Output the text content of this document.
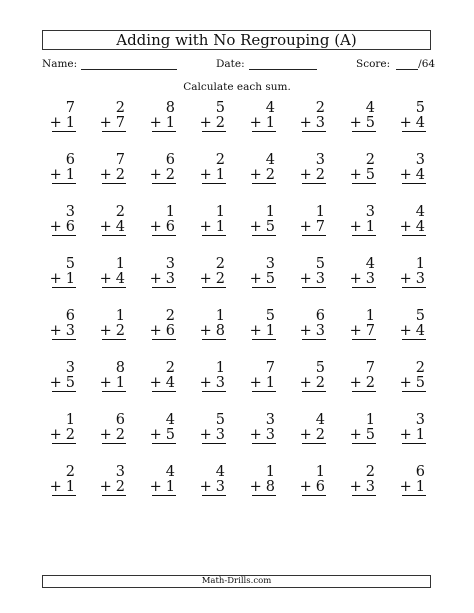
Adding with No Regrouping (A)
Name:	Date:	Score:	/64
Calculate each sum.
7
+ 1
2
+ 7
8
+ 1
5
+ 2
4
+ 1
2
+ 3
4
+ 5
5
+ 4
6
+ 1
7
+ 2
6
+ 2
2
+ 1
4
+ 2
3
+ 2
2
+ 5
3
+ 4
3
+ 6
2
+ 4
1
+ 6
1
+ 1
1
+ 5
1
+ 7
3
+ 1
4
+ 4
5
+ 1
1
+ 4
3
+ 3
2
+ 2
3
+ 5
5
+ 3
4
+ 3
1
+ 3
6
+ 3
1
+ 2
2
+ 6
1
+ 8
5
+ 1
6
+ 3
1
+ 7
5
+ 4
3
+ 5
8
+ 1
2
+ 4
1
+ 3
7
+ 1
5
+ 2
7
+ 2
2
+ 5
1
+ 2
6
+ 2
4
+ 5
5
+ 3
3
+ 3
4
+ 2
1
+ 5
3
+ 1
2
+ 1
3
+ 2
4
+ 1
4
+ 3
1
+ 8
1
+ 6
2
+ 3
6
+ 1
Math-Drills.com
